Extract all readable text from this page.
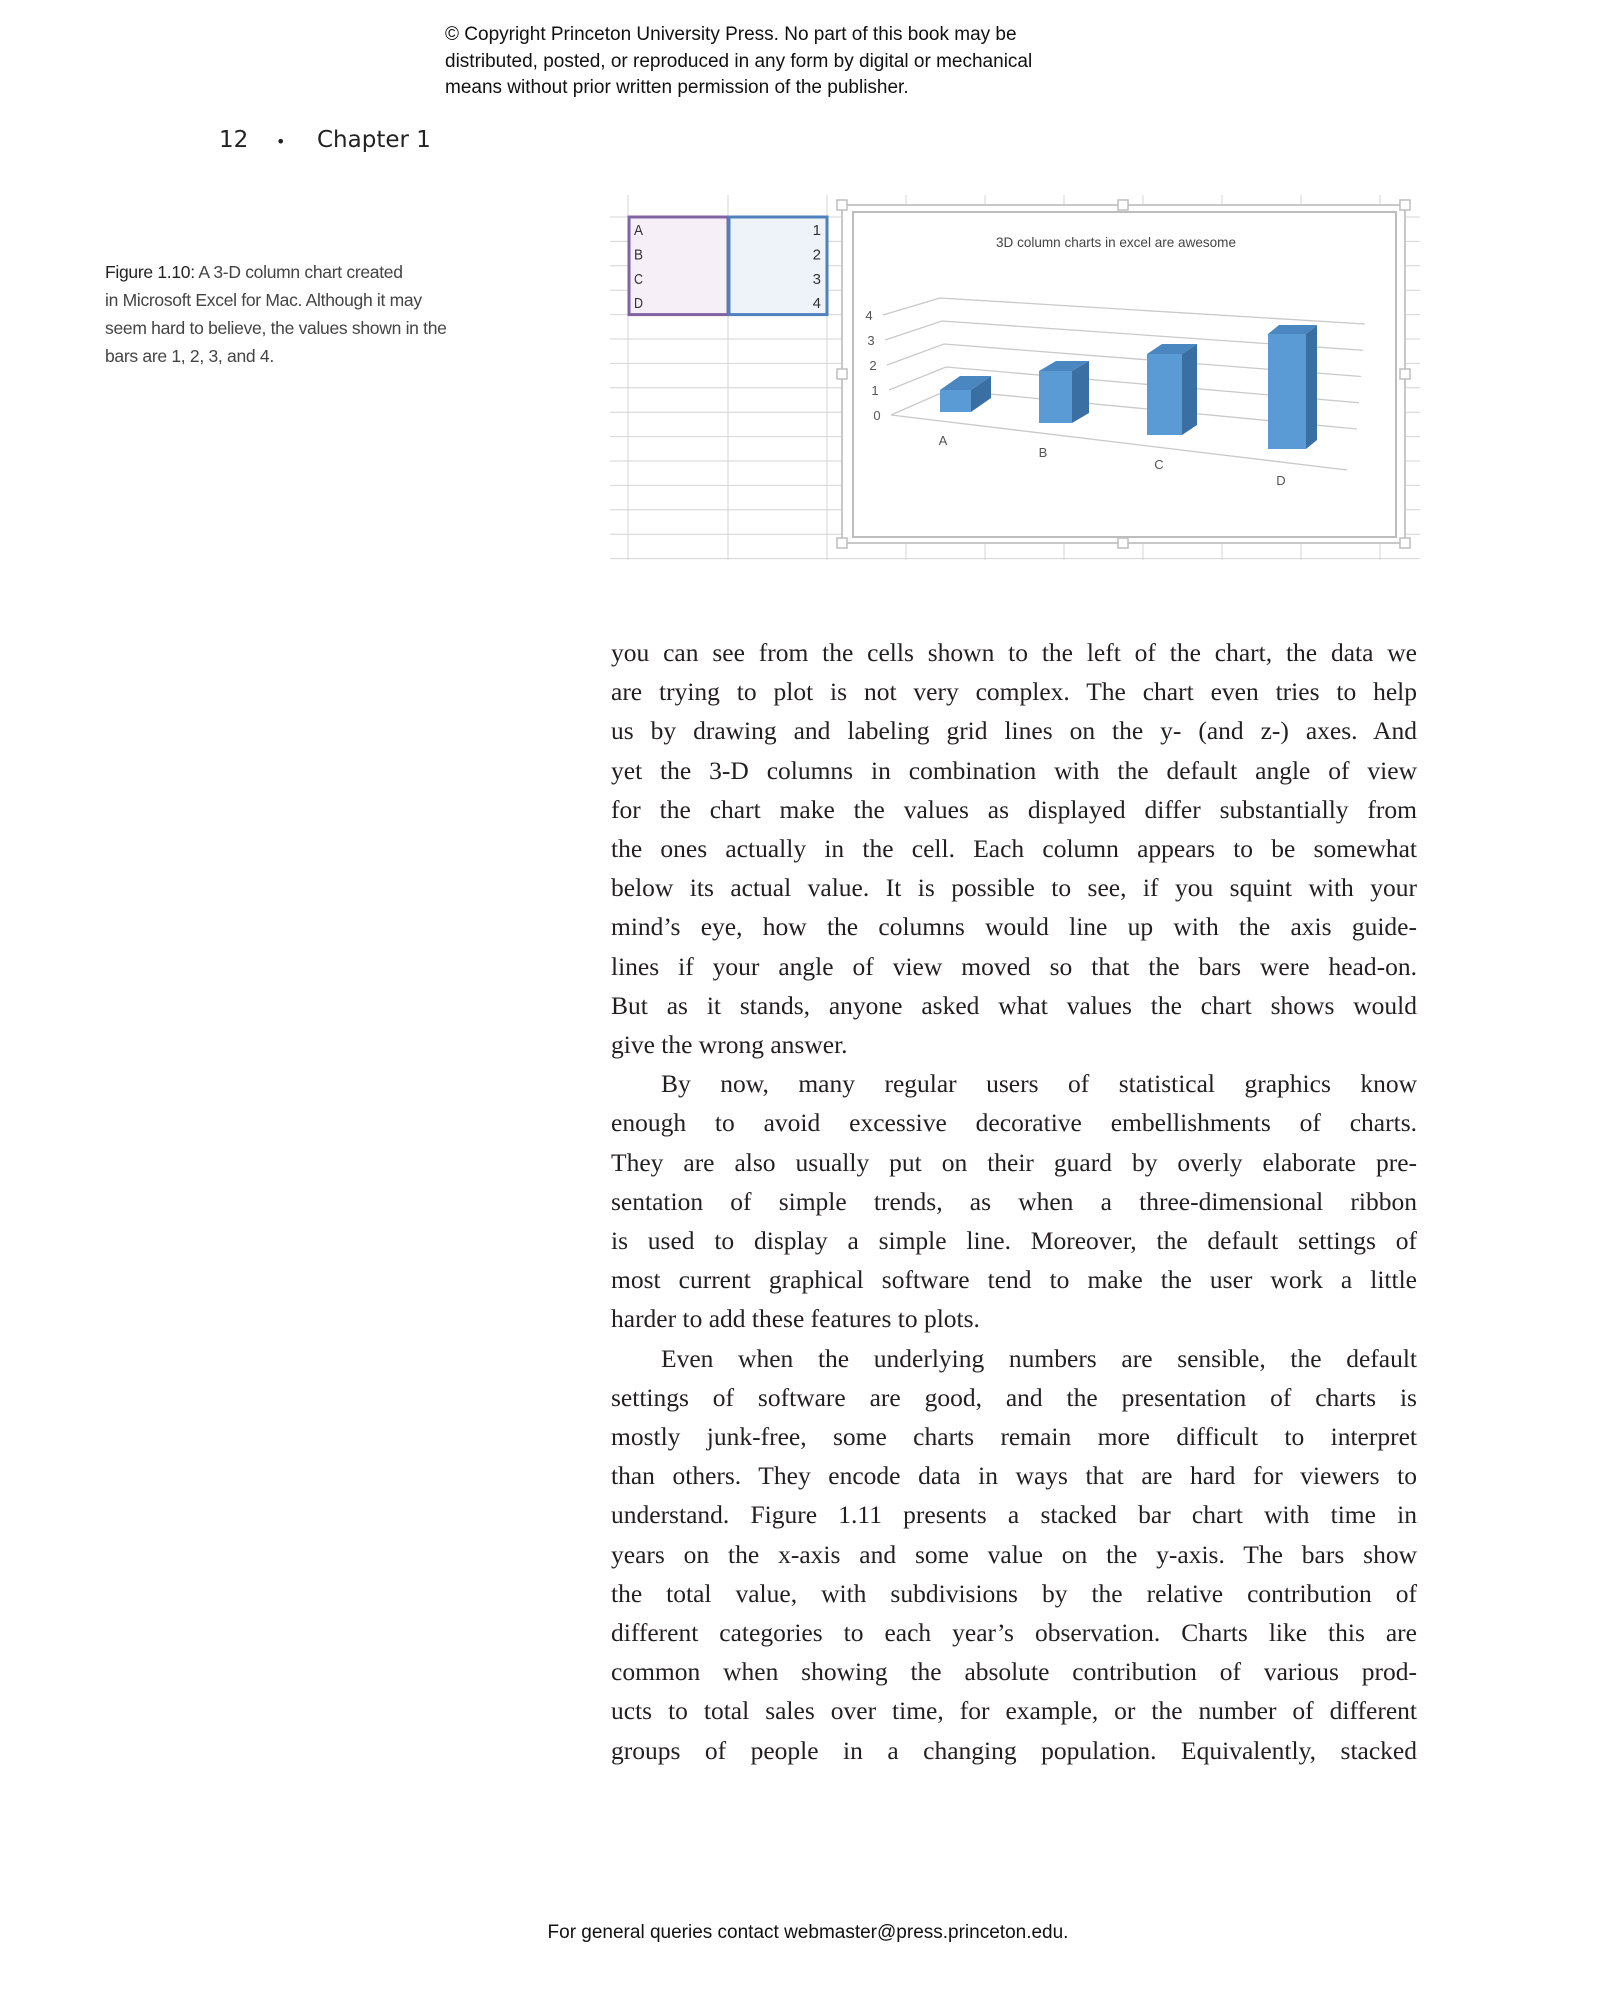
© Copyright Princeton University Press. No part of this book may be
distributed, posted, or reproduced in any form by digital or mechanical
means without prior written permission of the publisher.
12 • Chapter 1
Figure 1.10: A 3-D column chart created
in Microsoft Excel for Mac. Although it may
seem hard to believe, the values shown in the
bars are 1, 2, 3, and 4.
A	1
B	2
C	3
D	4
3D column charts in excel are awesome
0
1
2
3
4
A
B
C
D
you can see from the cells shown to the left of the chart, the data we
are trying to plot is not very complex. The chart even tries to help
us by drawing and labeling grid lines on the y- (and z-) axes. And
yet the 3-D columns in combination with the default angle of view
for the chart make the values as displayed differ substantially from
the ones actually in the cell. Each column appears to be somewhat
below its actual value. It is possible to see, if you squint with your
mind’s eye, how the columns would line up with the axis guide-
lines if your angle of view moved so that the bars were head-on.
But as it stands, anyone asked what values the chart shows would
give the wrong answer.
By now, many regular users of statistical graphics know
enough to avoid excessive decorative embellishments of charts.
They are also usually put on their guard by overly elaborate pre-
sentation of simple trends, as when a three-dimensional ribbon
is used to display a simple line. Moreover, the default settings of
most current graphical software tend to make the user work a little
harder to add these features to plots.
Even when the underlying numbers are sensible, the default
settings of software are good, and the presentation of charts is
mostly junk-free, some charts remain more difficult to interpret
than others. They encode data in ways that are hard for viewers to
understand. Figure 1.11 presents a stacked bar chart with time in
years on the x-axis and some value on the y-axis. The bars show
the total value, with subdivisions by the relative contribution of
different categories to each year’s observation. Charts like this are
common when showing the absolute contribution of various prod-
ucts to total sales over time, for example, or the number of different
groups of people in a changing population. Equivalently, stacked
For general queries contact webmaster@press.princeton.edu.
